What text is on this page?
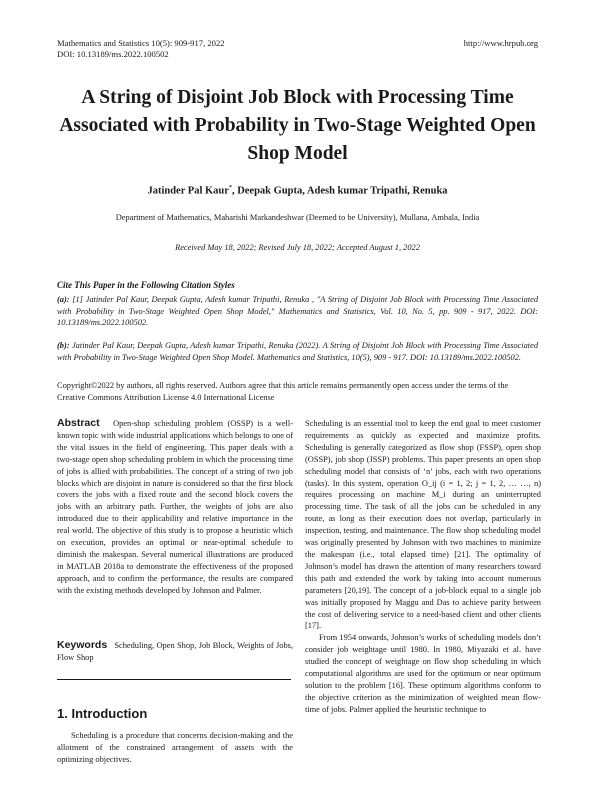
Mathematics and Statistics 10(5): 909-917, 2022
DOI: 10.13189/ms.2022.100502
http://www.hrpub.org
A String of Disjoint Job Block with Processing Time Associated with Probability in Two-Stage Weighted Open Shop Model
Jatinder Pal Kaur*, Deepak Gupta, Adesh kumar Tripathi, Renuka
Department of Mathematics, Maharishi Markandeshwar (Deemed to be University), Mullana, Ambala, India
Received May 18, 2022; Revised July 18, 2022; Accepted August 1, 2022
Cite This Paper in the Following Citation Styles
(a): [1] Jatinder Pal Kaur, Deepak Gupta, Adesh kumar Tripathi, Renuka , "A String of Disjoint Job Block with Processing Time Associated with Probability in Two-Stage Weighted Open Shop Model," Mathematics and Statistics, Vol. 10, No. 5, pp. 909 - 917, 2022. DOI: 10.13189/ms.2022.100502.
(b): Jatinder Pal Kaur, Deepak Gupta, Adesh kumar Tripathi, Renuka (2022). A String of Disjoint Job Block with Processing Time Associated with Probability in Two-Stage Weighted Open Shop Model. Mathematics and Statistics, 10(5), 909 - 917. DOI: 10.13189/ms.2022.100502.
Copyright©2022 by authors, all rights reserved. Authors agree that this article remains permanently open access under the terms of the Creative Commons Attribution License 4.0 International License

Abstract Open-shop scheduling problem (OSSP) is a well-known topic with wide industrial applications which belongs to one of the vital issues in the field of engineering. This paper deals with a two-stage open shop scheduling problem in which the processing time of jobs is allied with probabilities. The concept of a string of two job blocks which are disjoint in nature is considered so that the first block covers the jobs with a fixed route and the second block covers the jobs with an arbitrary path. Further, the weights of jobs are also introduced due to their applicability and relative importance in the real world. The objective of this study is to propose a heuristic which on execution, provides an optimal or near-optimal schedule to diminish the makespan. Several numerical illustrations are produced in MATLAB 2018a to demonstrate the effectiveness of the proposed approach, and to confirm the performance, the results are compared with the existing methods developed by Johnson and Palmer.

Keywords Scheduling, Open Shop, Job Block, Weights of Jobs, Flow Shop

1. Introduction

Scheduling is a procedure that concerns decision-making and the allotment of the constrained arrangement of assets with the optimizing objectives.

Scheduling is an essential tool to keep the end goal to meet customer requirements as quickly as expected and maximize profits. Scheduling is generally categorized as flow shop (FSSP), open shop (OSSP), job shop (JSSP) problems. This paper presents an open shop scheduling model that consists of ‘n’ jobs, each with two operations (tasks). In this system, operation O_ij (i = 1, 2; j = 1, 2, … …, n) requires processing on machine M_i during an uninterrupted processing time. The task of all the jobs can be scheduled in any route, as long as their execution does not overlap, particularly in inspection, testing, and maintenance. The flow shop scheduling model was originally presented by Johnson with two machines to minimize the makespan (i.e., total elapsed time) [21]. The optimality of Johnson’s model has drawn the attention of many researchers toward this path and extended the work by taking into account numerous parameters [20,19]. The concept of a job-block equal to a single job was initially proposed by Maggu and Das to achieve parity between the cost of delivering service to a need-based client and other clients [17].

From 1954 onwards, Johnson’s works of scheduling models don’t consider job weightage until 1980. In 1980, Miyazaki et al. have studied the concept of weightage on flow shop scheduling in which computational algorithms are used for the optimum or near optimum solution to the problem [16]. These optimum algorithms conform to the objective criterion as the minimization of weighted mean flow-time of jobs. Palmer applied the heuristic technique to
